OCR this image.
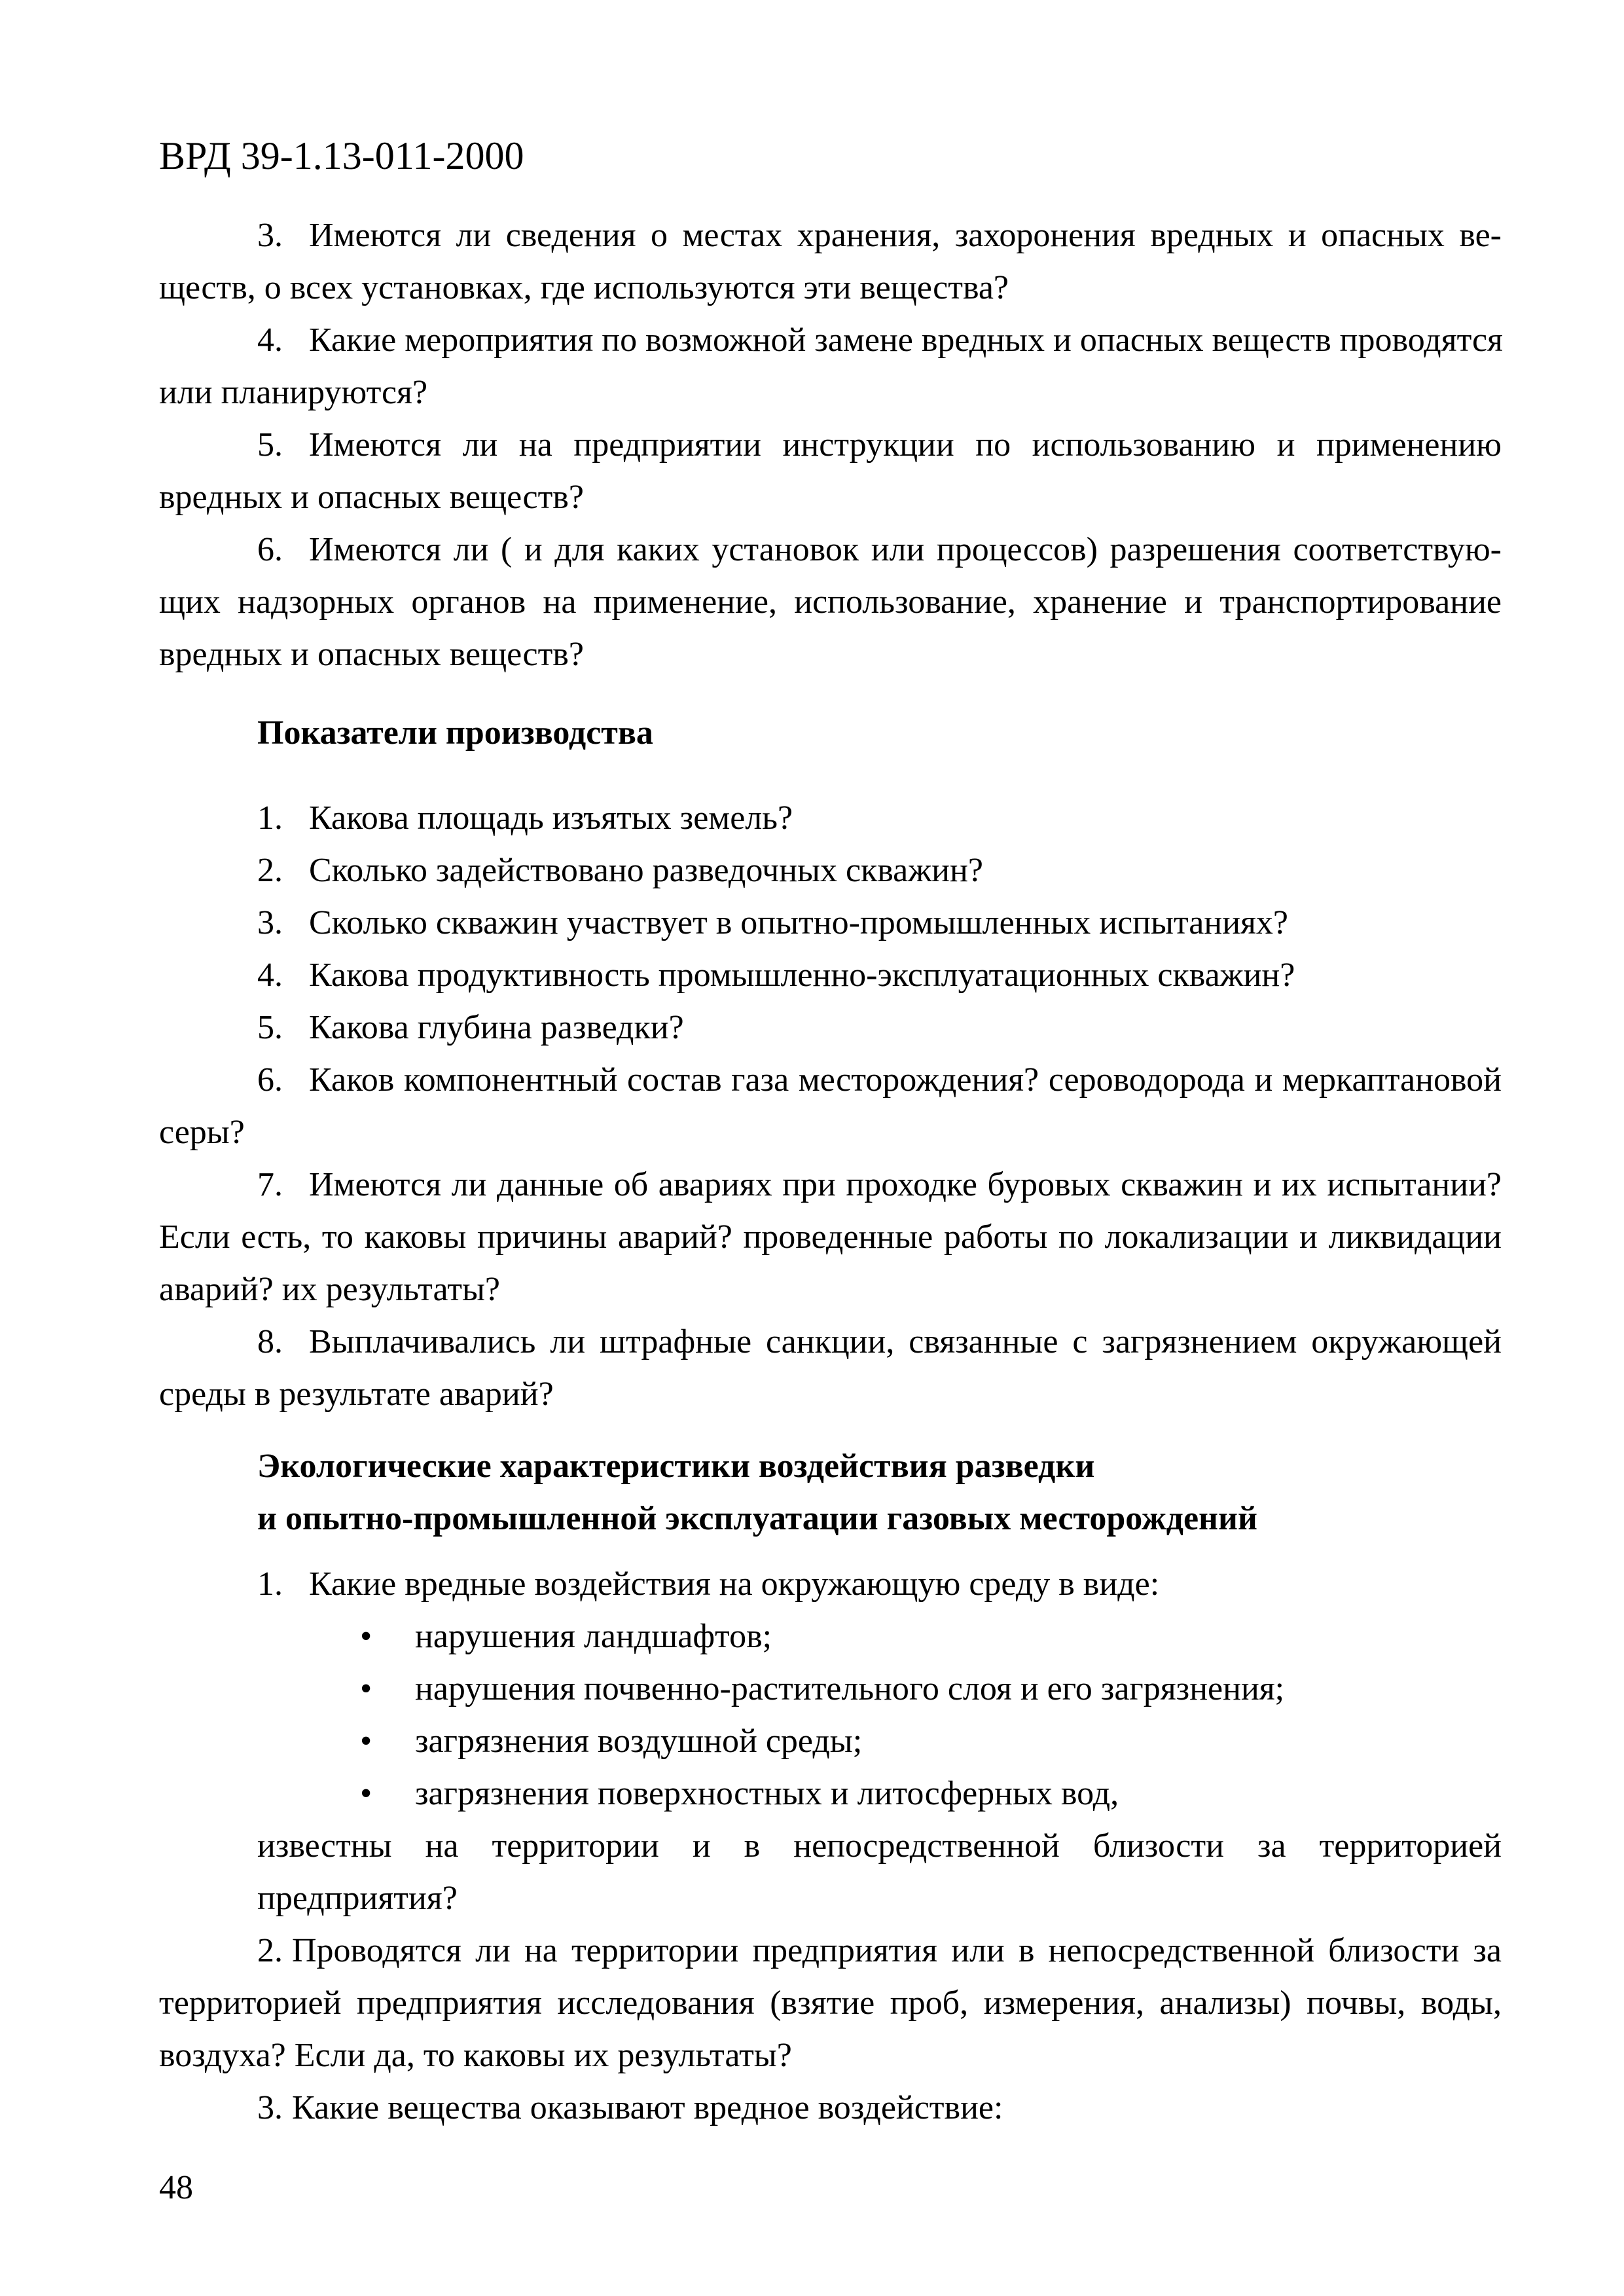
ВРД 39-1.13-011-2000
3. Имеются ли сведения о местах хранения, захоронения вредных и опасных ве-
ществ, о всех установках, где используются эти вещества?
4. Какие мероприятия по возможной замене вредных и опасных веществ проводятся
или планируются?
5. Имеются ли на предприятии инструкции по использованию и применению
вредных и опасных веществ?
6. Имеются ли ( и для каких установок или процессов) разрешения соответствую-
щих надзорных органов на применение, использование, хранение и транспортирование
вредных и опасных веществ?
Показатели производства
1. Какова площадь изъятых земель?
2. Сколько задействовано разведочных скважин?
3. Сколько скважин участвует в опытно-промышленных испытаниях?
4. Какова продуктивность промышленно-эксплуатационных скважин?
5. Какова глубина разведки?
6. Каков компонентный состав газа месторождения? сероводорода и меркаптановой
серы?
7. Имеются ли данные об авариях при проходке буровых скважин и их испытании?
Если есть, то каковы причины аварий? проведенные работы по локализации и ликвидации
аварий? их результаты?
8. Выплачивались ли штрафные санкции, связанные с загрязнением окружающей
среды в результате аварий?
Экологические характеристики воздействия разведки
и опытно-промышленной эксплуатации газовых месторождений
1. Какие вредные воздействия на окружающую среду в виде:
• нарушения ландшафтов;
• нарушения почвенно-растительного слоя и его загрязнения;
• загрязнения воздушной среды;
• загрязнения поверхностных и литосферных вод,
известны на территории и в непосредственной близости за территорией
предприятия?
2. Проводятся ли на территории предприятия или в непосредственной близости за
территорией предприятия исследования (взятие проб, измерения, анализы) почвы, воды,
воздуха? Если да, то каковы их результаты?
3. Какие вещества оказывают вредное воздействие:
48
